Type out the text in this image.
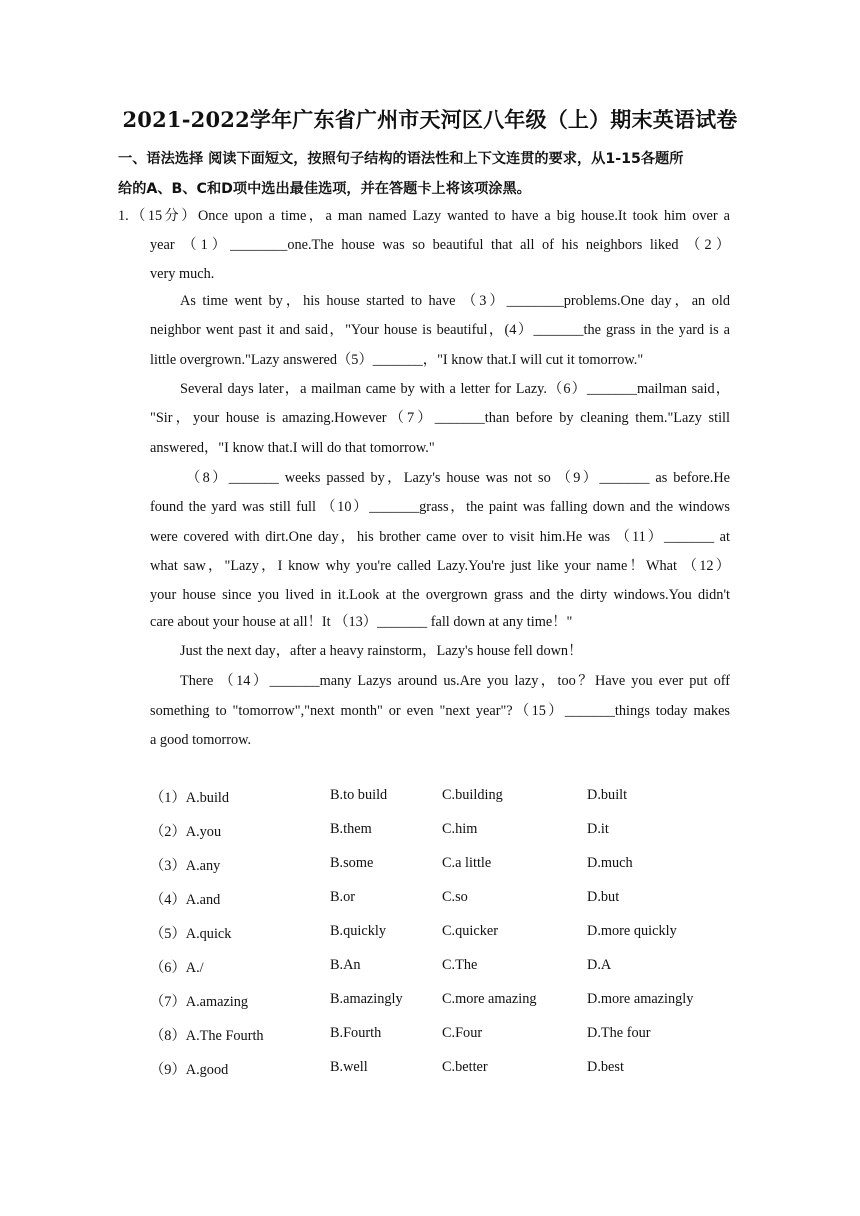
2021-2022学年广东省广州市天河区八年级（上）期末英语试卷
一、语法选择 阅读下面短文，按照句子结构的语法性和上下文连贯的要求，从1-15各题所
给的A、B、C和D项中选出最佳选项，并在答题卡上将该项涂黑。
1.（15分）Once upon a time，a man named Lazy wanted to have a big house.It took him over a
year （1）________one.The house was so beautiful that all of his neighbors liked （2）
very much.
As time went by，his house started to have （3）________problems.One day，an old
neighbor went past it and said，"Your house is beautiful，(4）_______the grass in the yard is a
little overgrown."Lazy answered（5）_______，"I know that.I will cut it tomorrow."
Several days later，a mailman came by with a letter for Lazy.（6）_______mailman said，
"Sir，your house is amazing.However（7）_______than before by cleaning them."Lazy still
answered，"I know that.I will do that tomorrow."
（8）_______ weeks passed by，Lazy's house was not so （9）_______ as before.He
found the yard was still full （10）_______grass，the paint was falling down and the windows
were covered with dirt.One day，his brother came over to visit him.He was （11）_______ at
what saw，"Lazy，I know why you're called Lazy.You're just like your name！What （12）
your house since you lived in it.Look at the overgrown grass and the dirty windows.You didn't
care about your house at all！It （13）_______ fall down at any time！"
Just the next day，after a heavy rainstorm，Lazy's house fell down！
There （14）_______many Lazys around us.Are you lazy，too？Have you ever put off
something to "tomorrow","next month" or even "next year"?（15）_______things today makes
a good tomorrow.
（1）A.build	B.to build	C.building	D.built
（2）A.you	B.them	C.him	D.it
（3）A.any	B.some	C.a little	D.much
（4）A.and	B.or	C.so	D.but
（5）A.quick	B.quickly	C.quicker	D.more quickly
（6）A./	B.An	C.The	D.A
（7）A.amazing	B.amazingly	C.more amazing	D.more amazingly
（8）A.The Fourth	B.Fourth	C.Four	D.The four
（9）A.good	B.well	C.better	D.best
